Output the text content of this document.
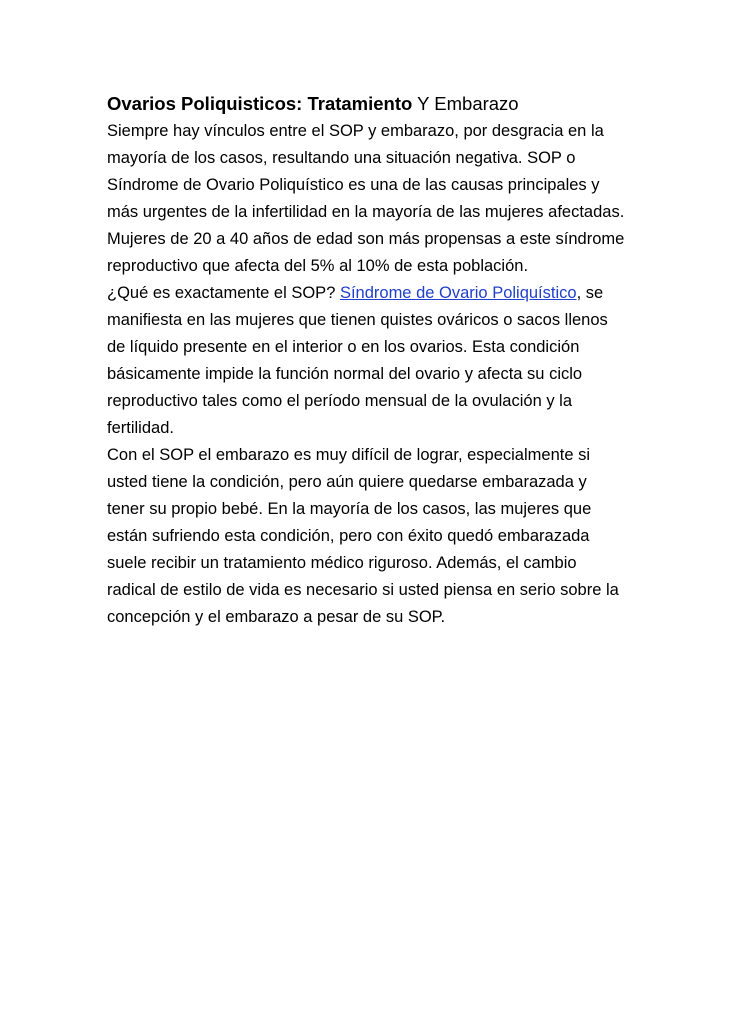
Ovarios Poliquisticos: Tratamiento Y Embarazo

Siempre hay vínculos entre el SOP y embarazo, por desgracia en la mayoría de los casos, resultando una situación negativa. SOP o Síndrome de Ovario Poliquístico es una de las causas principales y más urgentes de la infertilidad en la mayoría de las mujeres afectadas. Mujeres de 20 a 40 años de edad son más propensas a este síndrome reproductivo que afecta del 5% al 10% de esta población.

¿Qué es exactamente el SOP? Síndrome de Ovario Poliquístico, se manifiesta en las mujeres que tienen quistes ováricos o sacos llenos de líquido presente en el interior o en los ovarios. Esta condición básicamente impide la función normal del ovario y afecta su ciclo reproductivo tales como el período mensual de la ovulación y la fertilidad.

Con el SOP el embarazo es muy difícil de lograr, especialmente si usted tiene la condición, pero aún quiere quedarse embarazada y tener su propio bebé. En la mayoría de los casos, las mujeres que están sufriendo esta condición, pero con éxito quedó embarazada suele recibir un tratamiento médico riguroso. Además, el cambio radical de estilo de vida es necesario si usted piensa en serio sobre la concepción y el embarazo a pesar de su SOP.
